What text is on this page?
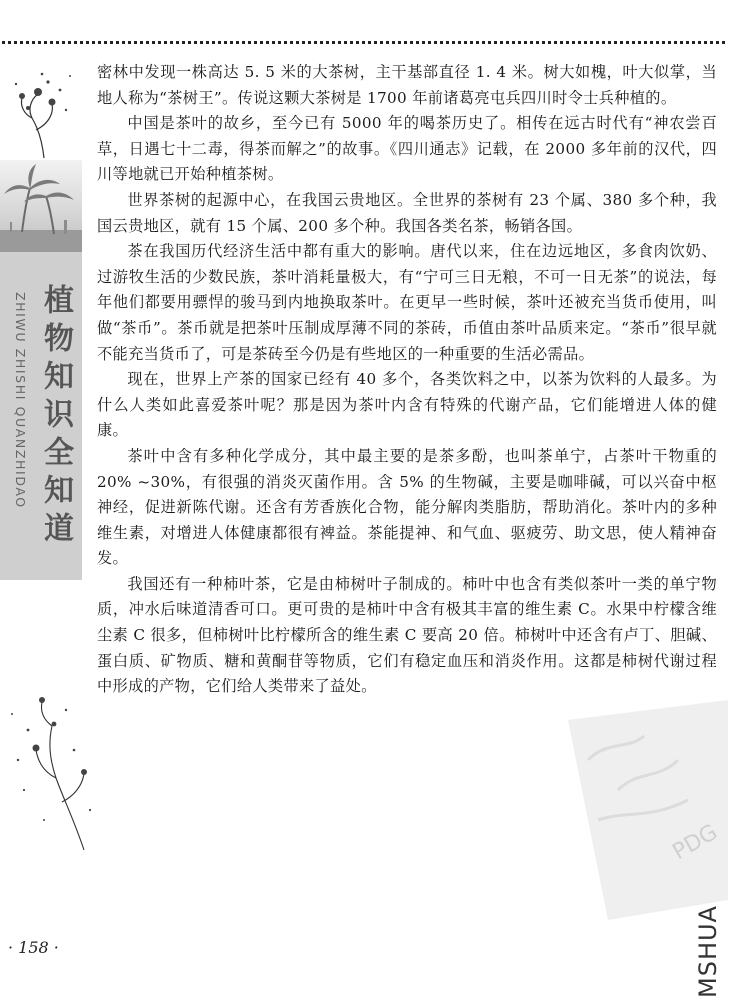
ZHIWU ZHISHI QUANZHIDAO 植物知识全知道

密林中发现一株高达 5. 5 米的大茶树，主干基部直径 1. 4 米。树大如槐，叶大似掌，当地人称为“茶树王”。传说这颗大茶树是 1700 年前诸葛亮屯兵四川时令士兵种植的。

中国是茶叶的故乡，至今已有 5000 年的喝茶历史了。相传在远古时代有“神农尝百草，日遇七十二毒，得茶而解之”的故事。《四川通志》记载，在 2000 多年前的汉代，四川等地就已开始种植茶树。

世界茶树的起源中心，在我国云贵地区。全世界的茶树有 23 个属、380 多个种，我国云贵地区，就有 15 个属、200 多个种。我国各类名茶，畅销各国。

茶在我国历代经济生活中都有重大的影响。唐代以来，住在边远地区，多食肉饮奶、过游牧生活的少数民族，茶叶消耗量极大，有“宁可三日无粮，不可一日无茶”的说法，每年他们都要用骠悍的骏马到内地换取茶叶。在更早一些时候，茶叶还被充当货币使用，叫做“茶币”。茶币就是把茶叶压制成厚薄不同的茶砖，币值由茶叶品质来定。“茶币”很早就不能充当货币了，可是茶砖至今仍是有些地区的一种重要的生活必需品。

现在，世界上产茶的国家已经有 40 多个，各类饮料之中，以茶为饮料的人最多。为什么人类如此喜爱茶叶呢？那是因为茶叶内含有特殊的代谢产品，它们能增进人体的健康。

茶叶中含有多种化学成分，其中最主要的是茶多酚，也叫茶单宁，占茶叶干物重的 20% ~30%，有很强的消炎灭菌作用。含 5% 的生物碱，主要是咖啡碱，可以兴奋中枢神经，促进新陈代谢。还含有芳香族化合物，能分解肉类脂肪，帮助消化。茶叶内的多种维生素，对增进人体健康都很有裨益。茶能提神、和气血、驱疲劳、助文思，使人精神奋发。

我国还有一种柿叶茶，它是由柿树叶子制成的。柿叶中也含有类似茶叶一类的单宁物质，冲水后味道清香可口。更可贵的是柿叶中含有极其丰富的维生素 C。水果中柠檬含维尘素 C 很多，但柿树叶比柠檬所含的维生素 C 要高 20 倍。柿树叶中还含有卢丁、胆碱、蛋白质、矿物质、糖和黄酮苷等物质，它们有稳定血压和消炎作用。这都是柿树代谢过程中形成的产物，它们给人类带来了益处。

PDG
· 158 ·	MSHUA
